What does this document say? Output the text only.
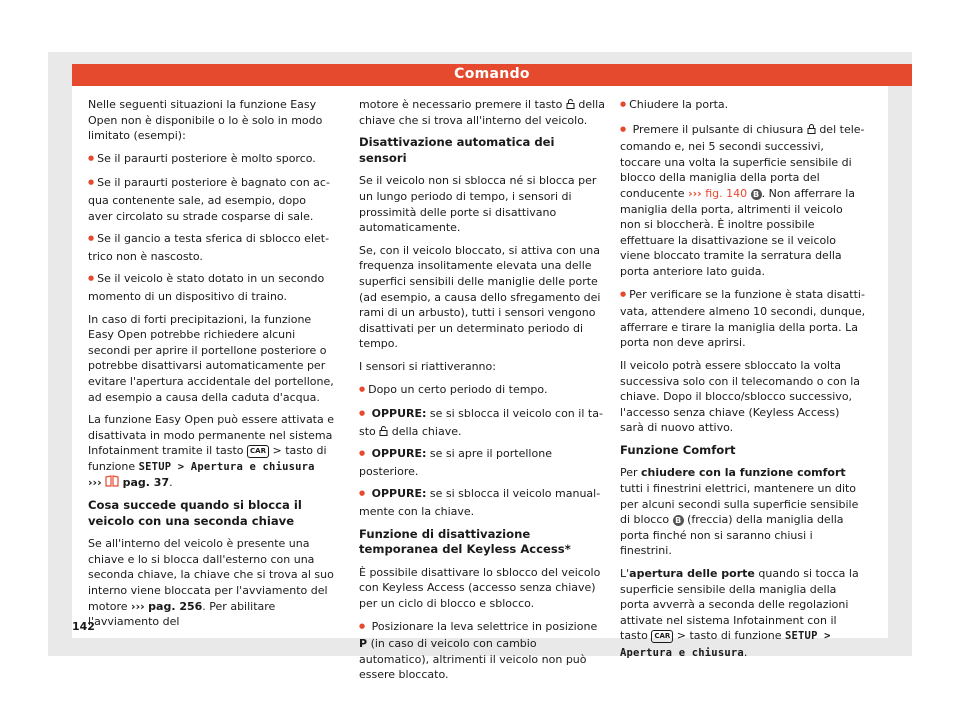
Comando

Nelle seguenti situazioni la funzione Easy Open non è disponibile o lo è solo in modo limitato (esempi):

● Se il paraurti posteriore è molto sporco.

● Se il paraurti posteriore è bagnato con acqua contenente sale, ad esempio, dopo aver circolato su strade cosparse di sale.

● Se il gancio a testa sferica di sblocco elettrico non è nascosto.

● Se il veicolo è stato dotato in un secondo momento di un dispositivo di traino.

In caso di forti precipitazioni, la funzione Easy Open potrebbe richiedere alcuni secondi per aprire il portellone posteriore o potrebbe disattivarsi automaticamente per evitare l'apertura accidentale del portellone, ad esempio a causa della caduta d'acqua.

La funzione Easy Open può essere attivata e disattivata in modo permanente nel sistema Infotainment tramite il tasto CAR > tasto di funzione SETUP > Apertura e chiusura
››› pag. 37.

Cosa succede quando si blocca il veicolo con una seconda chiave

Se all'interno del veicolo è presente una chiave e lo si blocca dall'esterno con una seconda chiave, la chiave che si trova al suo interno viene bloccata per l'avviamento del motore ››› pag. 256. Per abilitare l'avviamento del

motore è necessario premere il tasto della chiave che si trova all'interno del veicolo.

Disattivazione automatica dei sensori

Se il veicolo non si sblocca né si blocca per un lungo periodo di tempo, i sensori di prossimità delle porte si disattivano automaticamente.

Se, con il veicolo bloccato, si attiva con una frequenza insolitamente elevata una delle superfici sensibili delle maniglie delle porte (ad esempio, a causa dello sfregamento dei rami di un arbusto), tutti i sensori vengono disattivati per un determinato periodo di tempo.

I sensori si riattiveranno:

● Dopo un certo periodo di tempo.

● OPPURE: se si sblocca il veicolo con il tasto della chiave.

● OPPURE: se si apre il portellone posteriore.

● OPPURE: se si sblocca il veicolo manualmente con la chiave.

Funzione di disattivazione temporanea del Keyless Access*

È possibile disattivare lo sblocco del veicolo con Keyless Access (accesso senza chiave) per un ciclo di blocco e sblocco.

● Posizionare la leva selettrice in posizione P (in caso di veicolo con cambio automatico), altrimenti il veicolo non può essere bloccato.

● Chiudere la porta.

● Premere il pulsante di chiusura del telecomando e, nei 5 secondi successivi, toccare una volta la superficie sensibile di blocco della maniglia della porta del conducente ››› fig. 140 B . Non afferrare la maniglia della porta, altrimenti il veicolo non si bloccherà. È inoltre possibile effettuare la disattivazione se il veicolo viene bloccato tramite la serratura della porta anteriore lato guida.

● Per verificare se la funzione è stata disattivata, attendere almeno 10 secondi, dunque, afferrare e tirare la maniglia della porta. La porta non deve aprirsi.

Il veicolo potrà essere sbloccato la volta successiva solo con il telecomando o con la chiave. Dopo il blocco/sblocco successivo, l'accesso senza chiave (Keyless Access) sarà di nuovo attivo.

Funzione Comfort

Per chiudere con la funzione comfort tutti i finestrini elettrici, mantenere un dito per alcuni secondi sulla superficie sensibile di blocco B (freccia) della maniglia della porta finché non si saranno chiusi i finestrini.

L'apertura delle porte quando si tocca la superficie sensibile della maniglia della porta avverrà a seconda delle regolazioni attivate nel sistema Infotainment con il tasto CAR > tasto di funzione SETUP > Apertura e chiusura.

142
